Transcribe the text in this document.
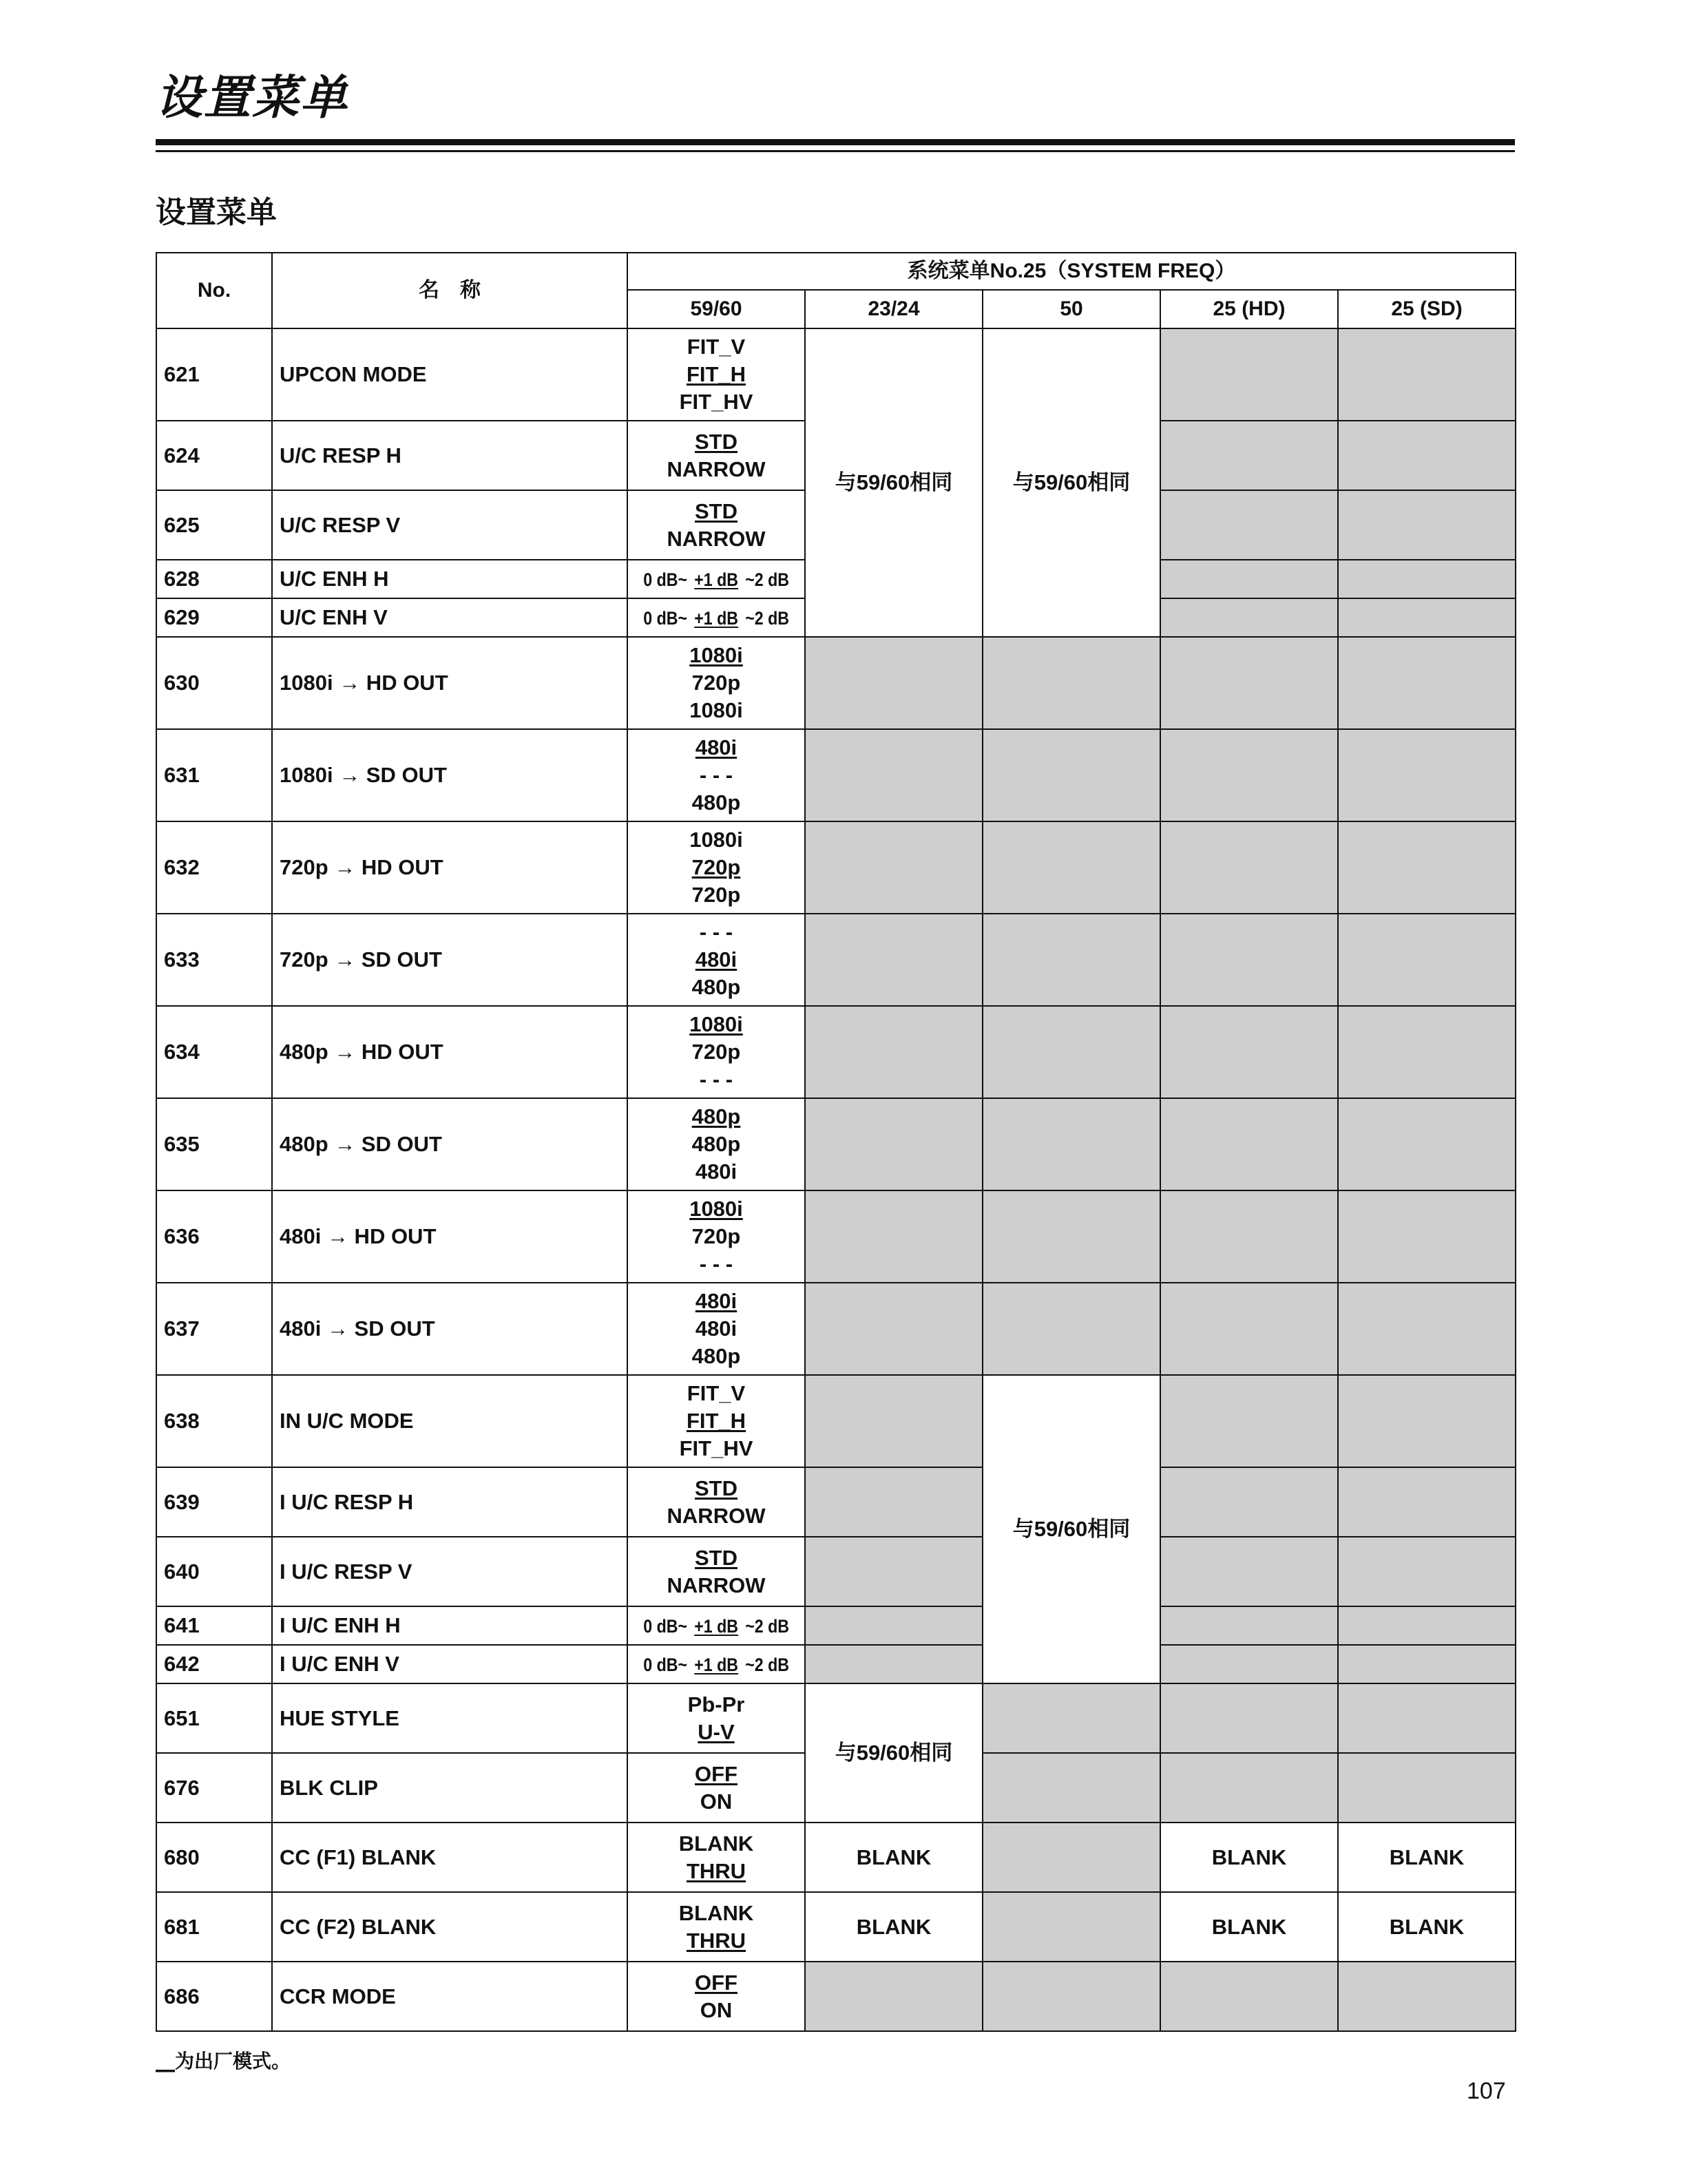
设置菜单
设置菜单
No.	名　称	系统菜单No.25（SYSTEM FREQ）				
		59/60	23/24	50	25 (HD)	25 (SD)
621	UPCON MODE	FIT_V
FIT_H
FIT_HV	与59/60相同	与59/60相同		
624	U/C RESP H	STD
NARROW				

625	U/C RESP V	STD
NARROW				

628	U/C ENH H	0 dB~ +1 dB ~2 dB				
629	U/C ENH V	0 dB~ +1 dB ~2 dB				
630	1080i → HD OUT	1080i
720p
1080i				

631	1080i → SD OUT	480i
- - -
480p				

632	720p → HD OUT	1080i
720p
720p				

633	720p → SD OUT	- - -
480i
480p				

634	480p → HD OUT	1080i
720p
- - -				

635	480p → SD OUT	480p
480p
480i				

636	480i → HD OUT	1080i
720p
- - -				

637	480i → SD OUT	480i
480i
480p				

638	IN U/C MODE	FIT_V
FIT_H
FIT_HV		与59/60相同		
639	I U/C RESP H	STD
NARROW				

640	I U/C RESP V	STD
NARROW				

641	I U/C ENH H	0 dB~ +1 dB ~2 dB				
642	I U/C ENH V	0 dB~ +1 dB ~2 dB				
651	HUE STYLE	Pb-Pr
U-V	与59/60相同			
676	BLK CLIP	OFF
ON				

680	CC (F1) BLANK	BLANK
THRU	BLANK		BLANK	BLANK
681	CC (F2) BLANK	BLANK
THRU	BLANK		BLANK	BLANK
686	CCR MODE	OFF
ON				

__为出厂模式。
107
